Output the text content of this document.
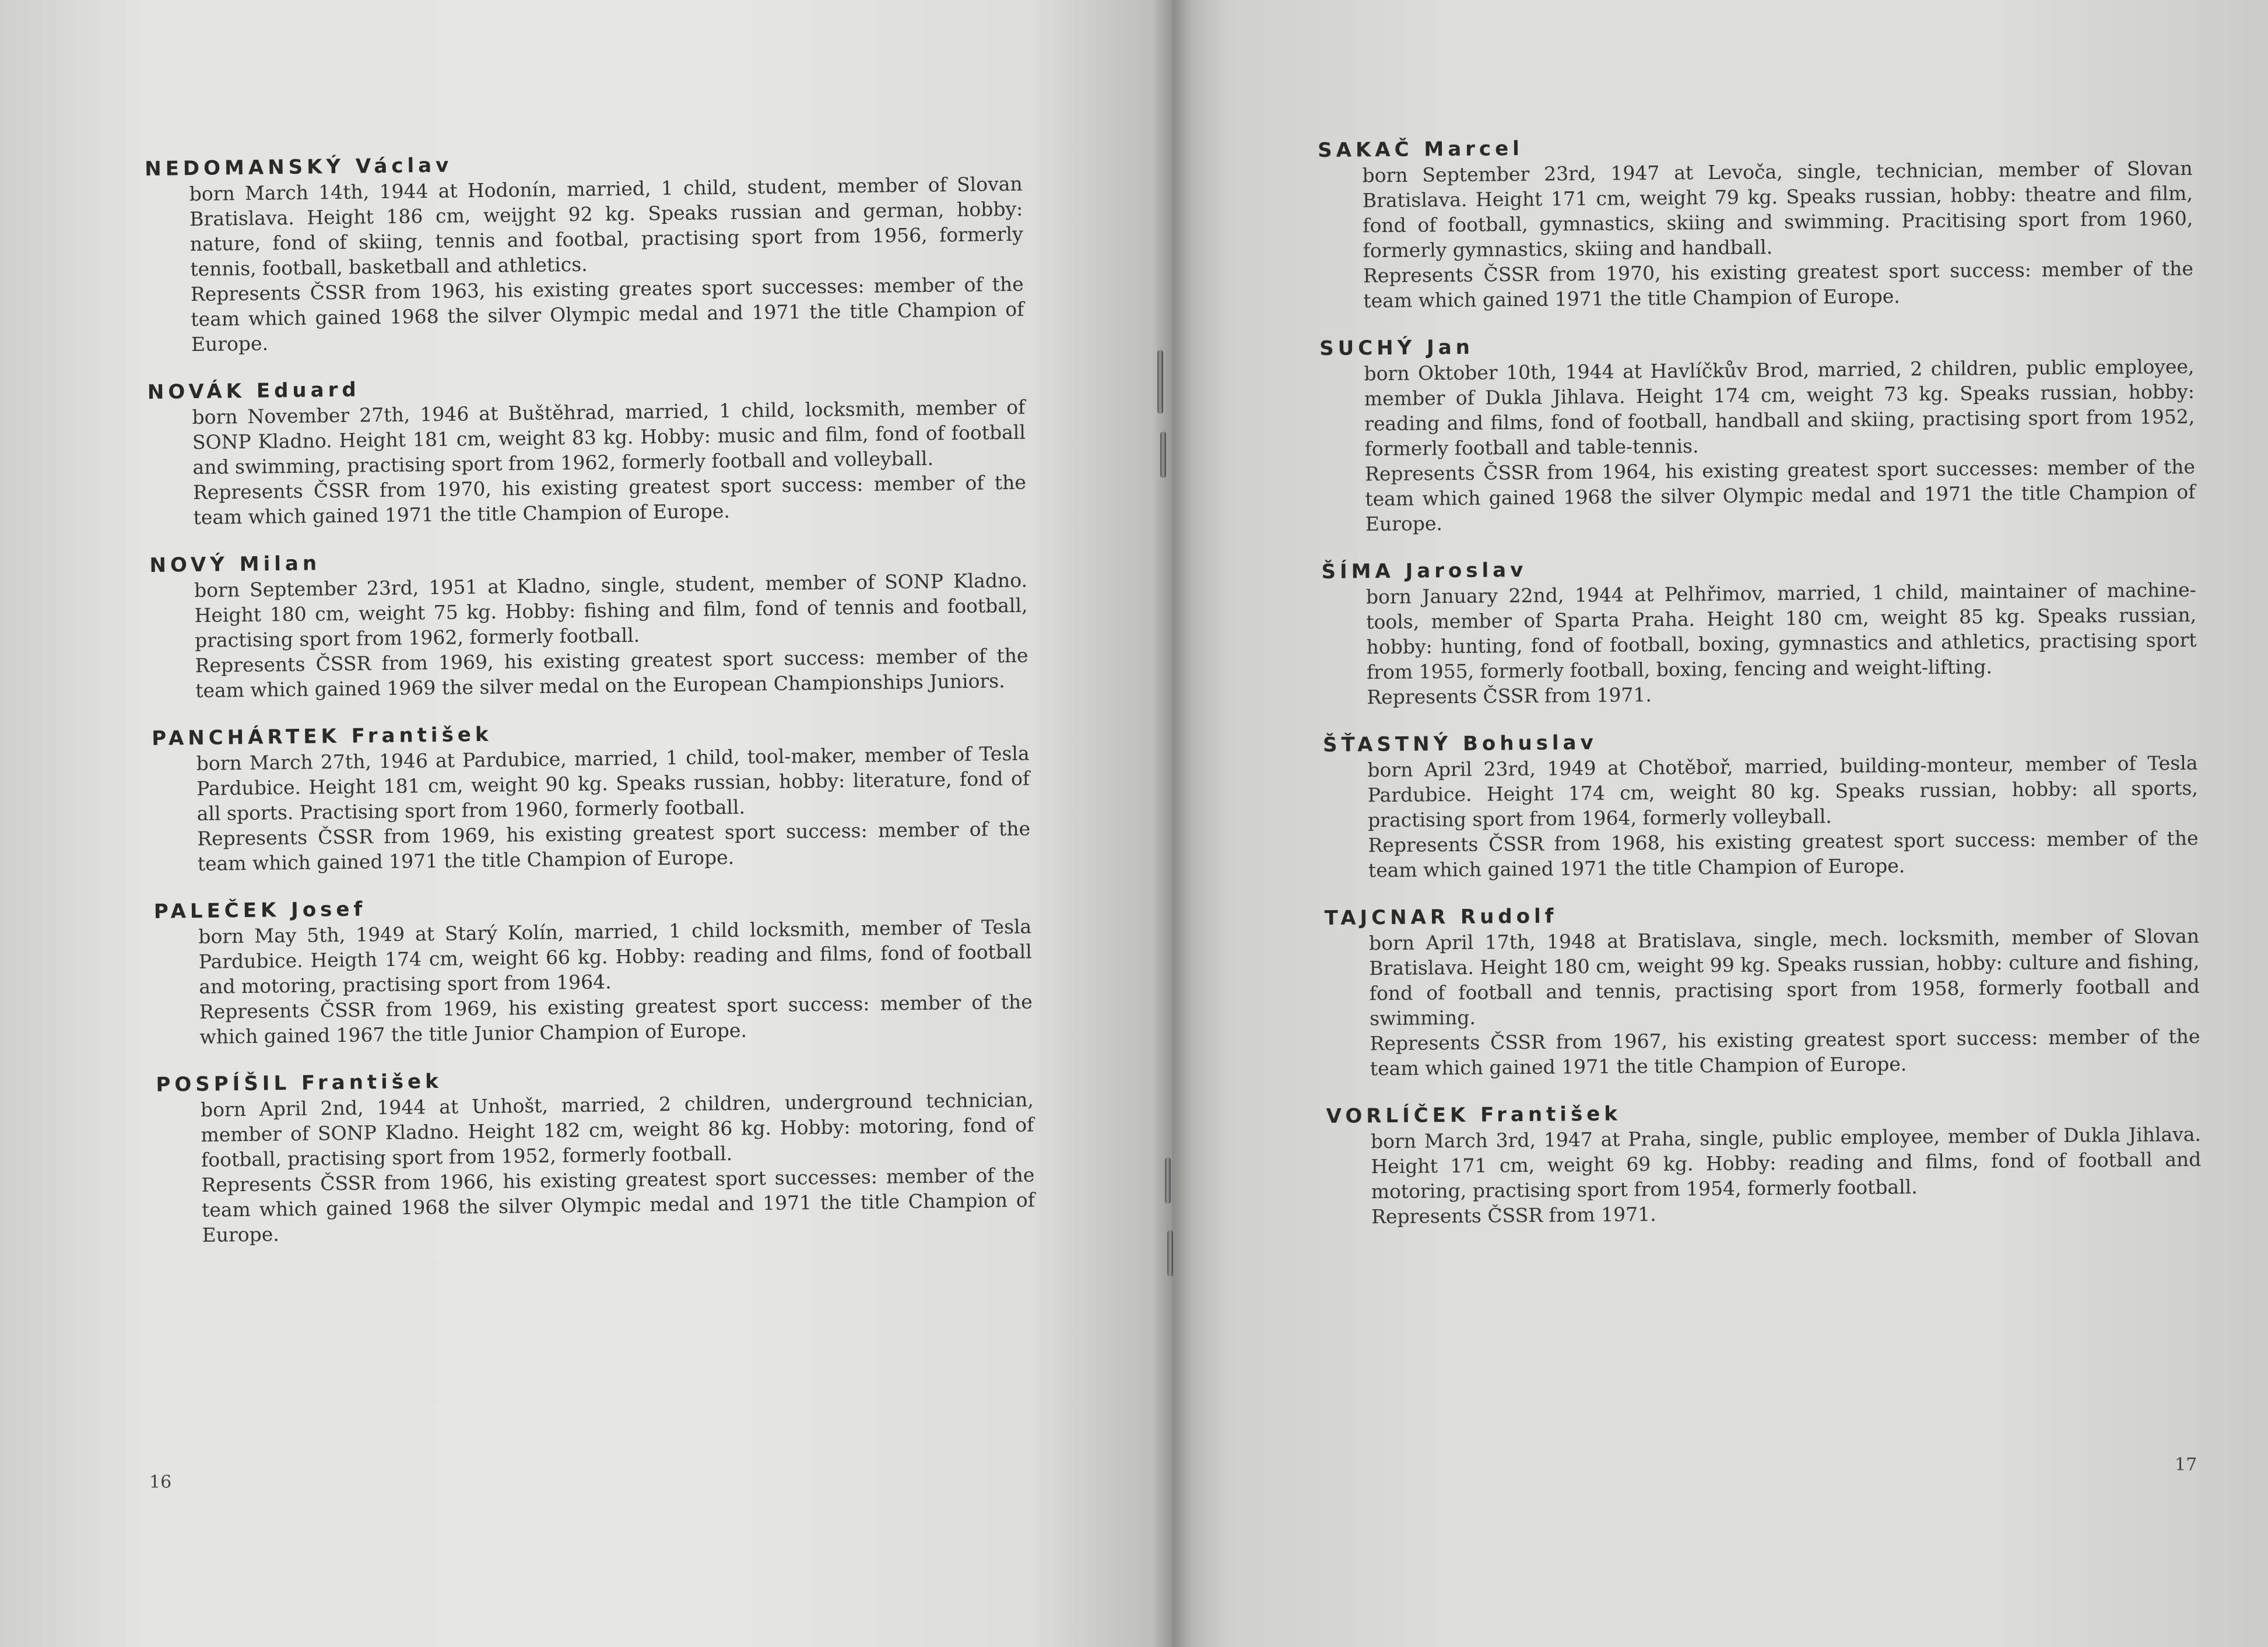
NEDOMANSKÝ Václav

born March 14th, 1944 at Hodonín, married, 1 child, student, member of Slovan Bratislava. Height 186 cm, weijght 92 kg. Speaks russian and german, hobby: nature, fond of skiing, tennis and footbal, practising sport from 1956, formerly tennis, football, basketball and athletics.

Represents ČSSR from 1963, his existing greates sport successes: member of the team which gained 1968 the silver Olympic medal and 1971 the title Champion of Europe.

NOVÁK Eduard

born November 27th, 1946 at Buštěhrad, married, 1 child, locksmith, member of SONP Kladno. Height 181 cm, weight 83 kg. Hobby: music and film, fond of football and swimming, practising sport from 1962, formerly football and volleyball.

Represents ČSSR from 1970, his existing greatest sport success: member of the team which gained 1971 the title Champion of Europe.

NOVÝ Milan

born September 23rd, 1951 at Kladno, single, student, member of SONP Kladno. Height 180 cm, weight 75 kg. Hobby: fishing and film, fond of tennis and football, practising sport from 1962, formerly football.

Represents ČSSR from 1969, his existing greatest sport success: member of the team which gained 1969 the silver medal on the European Championships Juniors.

PANCHÁRTEK František

born March 27th, 1946 at Pardubice, married, 1 child, tool-maker, member of Tesla Pardubice. Height 181 cm, weight 90 kg. Speaks russian, hobby: literature, fond of all sports. Practising sport from 1960, formerly football.

Represents ČSSR from 1969, his existing greatest sport success: member of the team which gained 1971 the title Champion of Europe.

PALEČEK Josef

born May 5th, 1949 at Starý Kolín, married, 1 child locksmith, member of Tesla Pardubice. Heigth 174 cm, weight 66 kg. Hobby: reading and films, fond of football and motoring, practising sport from 1964.

Represents ČSSR from 1969, his existing greatest sport success: member of the which gained 1967 the title Junior Champion of Europe.

POSPÍŠIL František

born April 2nd, 1944 at Unhošt, married, 2 children, underground technician, member of SONP Kladno. Height 182 cm, weight 86 kg. Hobby: motoring, fond of football, practising sport from 1952, formerly football.

Represents ČSSR from 1966, his existing greatest sport successes: member of the team which gained 1968 the silver Olympic medal and 1971 the title Champion of Europe.

16

SAKAČ Marcel

born September 23rd, 1947 at Levoča, single, technician, member of Slovan Bratislava. Height 171 cm, weight 79 kg. Speaks russian, hobby: theatre and film, fond of football, gymnastics, skiing and swimming. Pracitising sport from 1960, formerly gymnastics, skiing and handball.

Represents ČSSR from 1970, his existing greatest sport success: member of the team which gained 1971 the title Champion of Europe.

SUCHÝ Jan

born Oktober 10th, 1944 at Havlíčkův Brod, married, 2 children, public employee, member of Dukla Jihlava. Height 174 cm, weight 73 kg. Speaks russian, hobby: reading and films, fond of football, handball and skiing, practising sport from 1952, formerly football and table-tennis.

Represents ČSSR from 1964, his existing greatest sport successes: member of the team which gained 1968 the silver Olympic medal and 1971 the title Champion of Europe.

ŠÍMA Jaroslav

born January 22nd, 1944 at Pelhřimov, married, 1 child, maintainer of machine-tools, member of Sparta Praha. Height 180 cm, weight 85 kg. Speaks russian, hobby: hunting, fond of football, boxing, gymnastics and athletics, practising sport from 1955, formerly football, boxing, fencing and weight-lifting.

Represents ČSSR from 1971.

ŠŤASTNÝ Bohuslav

born April 23rd, 1949 at Chotěboř, married, building-monteur, member of Tesla Pardubice. Height 174 cm, weight 80 kg. Speaks russian, hobby: all sports, practising sport from 1964, formerly volleyball.

Represents ČSSR from 1968, his existing greatest sport success: member of the team which gained 1971 the title Champion of Europe.

TAJCNAR Rudolf

born April 17th, 1948 at Bratislava, single, mech. locksmith, member of Slovan Bratislava. Height 180 cm, weight 99 kg. Speaks russian, hobby: culture and fishing, fond of football and tennis, practising sport from 1958, formerly football and swimming.

Represents ČSSR from 1967, his existing greatest sport success: member of the team which gained 1971 the title Champion of Europe.

VORLÍČEK František

born March 3rd, 1947 at Praha, single, public employee, member of Dukla Jihlava. Height 171 cm, weight 69 kg. Hobby: reading and films, fond of football and motoring, practising sport from 1954, formerly football.

Represents ČSSR from 1971.

17
